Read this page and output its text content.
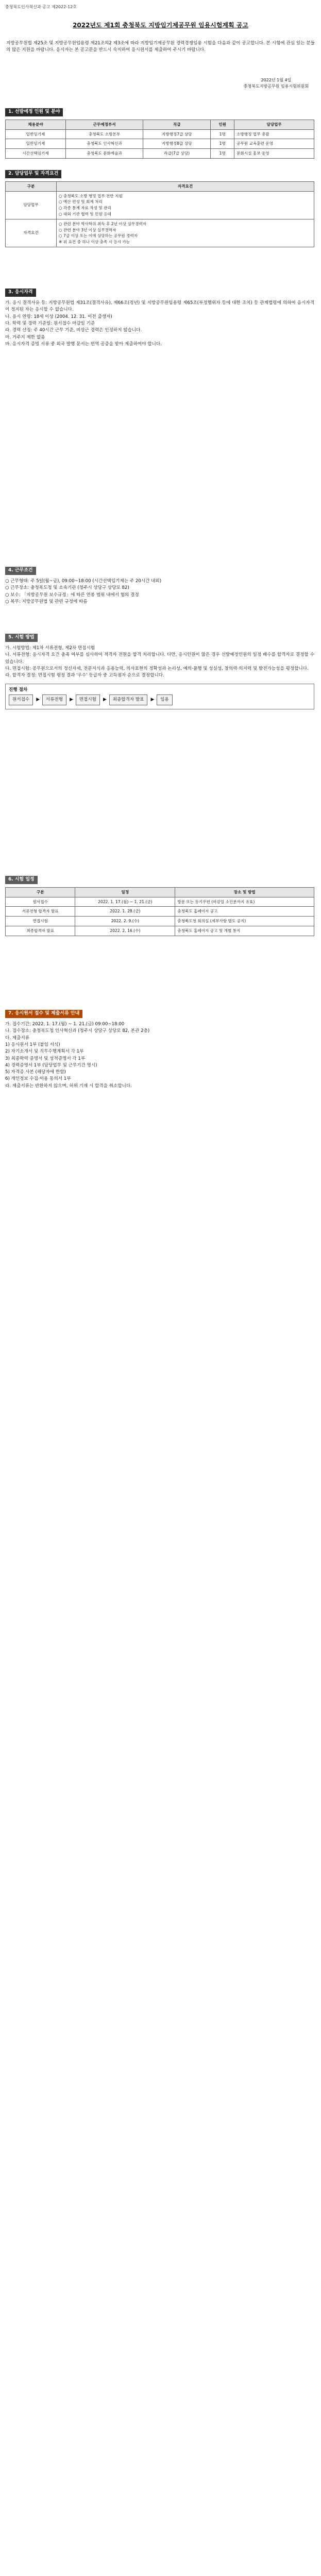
충청북도인사혁신과 공고 제2022-12호
2022년도 제1회 충청북도 지방임기제공무원 임용시험계획 공고
지방공무원법 제25조 및 지방공무원임용령 제21조의2 제3조에 따라 지방임기제공무원 경력경쟁임용 시험을 다음과 같이 공고합니다. 본 시험에 관심 있는 분들의 많은 지원을 바랍니다. 응시자는 본 공고문을 반드시 숙지하여 응시원서를 제출하여 주시기 바랍니다.
2022년 1월 4일
충청북도지방공무원 임용시험위원회
1. 선발예정 인원 및 분야
채용분야	근무예정부서	직급	인원	담당업무
일반임기제	충청북도 소방본부	지방행정7급 상당	1명	소방행정 업무 총괄
일반임기제	충청북도 인사혁신과	지방행정8급 상당	1명	공무원 교육훈련 운영
시간선택임기제	충청북도 문화예술과	라급(7급 상당)	1명	문화시설 홍보·운영
2. 담당업무 및 자격요건
구분	자격요건
담당업무	○ 충청북도 소방 행정 업무 전반 지원
○ 예산 편성 및 회계 처리
○ 각종 통계 자료 작성 및 관리
○ 대외 기관 협력 및 민원 응대
자격요건	○ 관련 분야 학사학위 취득 후 2년 이상 실무경력자
○ 관련 분야 3년 이상 실무경력자
○ 7급 이상 또는 이에 상당하는 공무원 경력자
※ 위 요건 중 하나 이상 충족 시 응시 가능
3. 응시자격
가. 응시 결격사유 등: 지방공무원법 제31조(결격사유), 제66조(정년) 및 지방공무원임용령 제65조(부정행위자 등에 대한 조치) 등 관계법령에 의하여 응시자격이 정지된 자는 응시할 수 없습니다.
나. 응시 연령: 18세 이상 (2004. 12. 31. 이전 출생자)
다. 학력 및 경력 기준일: 원서접수 마감일 기준
라. 경력 산정: 주 40시간 근무 기준, 비상근 경력은 인정하지 않습니다.
마. 거주지 제한 없음
바. 응시자격 증빙 서류 중 외국 발행 문서는 번역 공증을 받아 제출하여야 합니다.
4. 근무조건
○ 근무형태: 주 5일(월~금), 09:00~18:00 (시간선택임기제는 주 20시간 내외)
○ 근무장소: 충청북도청 및 소속기관 (청주시 상당구 상당로 82)
○ 보수: 「지방공무원 보수규정」에 따른 연봉 범위 내에서 협의 결정
○ 복무: 지방공무원법 및 관련 규정에 따름
5. 시험 방법
가. 시험방법: 제1차 서류전형, 제2차 면접시험
나. 서류전형: 응시자격 요건 충족 여부를 심사하여 적격자 전원을 합격 처리합니다. 다만, 응시인원이 많은 경우 선발예정인원의 일정 배수를 합격자로 결정할 수 있습니다.
다. 면접시험: 공무원으로서의 정신자세, 전문지식과 응용능력, 의사표현의 정확성과 논리성, 예의·품행 및 성실성, 창의력·의지력 및 발전가능성을 평정합니다.
라. 합격자 결정: 면접시험 평정 결과 '우수' 등급자 중 고득점자 순으로 결정합니다.
진행 절차
원서접수 ▶ 서류전형 ▶ 면접시험 ▶ 최종합격자 발표 ▶ 임용
6. 시험 일정
구분	일정	장소 및 방법
원서접수	2022. 1. 17.(월) ~ 1. 21.(금)	방문 또는 등기우편 (마감일 소인분까지 유효)
서류전형 합격자 발표	2022. 1. 28.(금)	충청북도 홈페이지 공고
면접시험	2022. 2. 9.(수)	충청북도청 회의실 (세부사항 별도 공지)
최종합격자 발표	2022. 2. 16.(수)	충청북도 홈페이지 공고 및 개별 통지
7. 응시원서 접수 및 제출서류 안내
가. 접수기간: 2022. 1. 17.(월) ~ 1. 21.(금) 09:00~18:00
나. 접수장소: 충청북도청 인사혁신과 (청주시 상당구 상당로 82, 본관 2층)
다. 제출서류
1) 응시원서 1부 (붙임 서식)
2) 자기소개서 및 직무수행계획서 각 1부
3) 최종학력 증명서 및 성적증명서 각 1부
4) 경력증명서 1부 (담당업무 및 근무기간 명시)
5) 자격증 사본 (해당자에 한함)
6) 개인정보 수집·이용 동의서 1부
라. 제출서류는 반환하지 않으며, 허위 기재 시 합격을 취소합니다.
